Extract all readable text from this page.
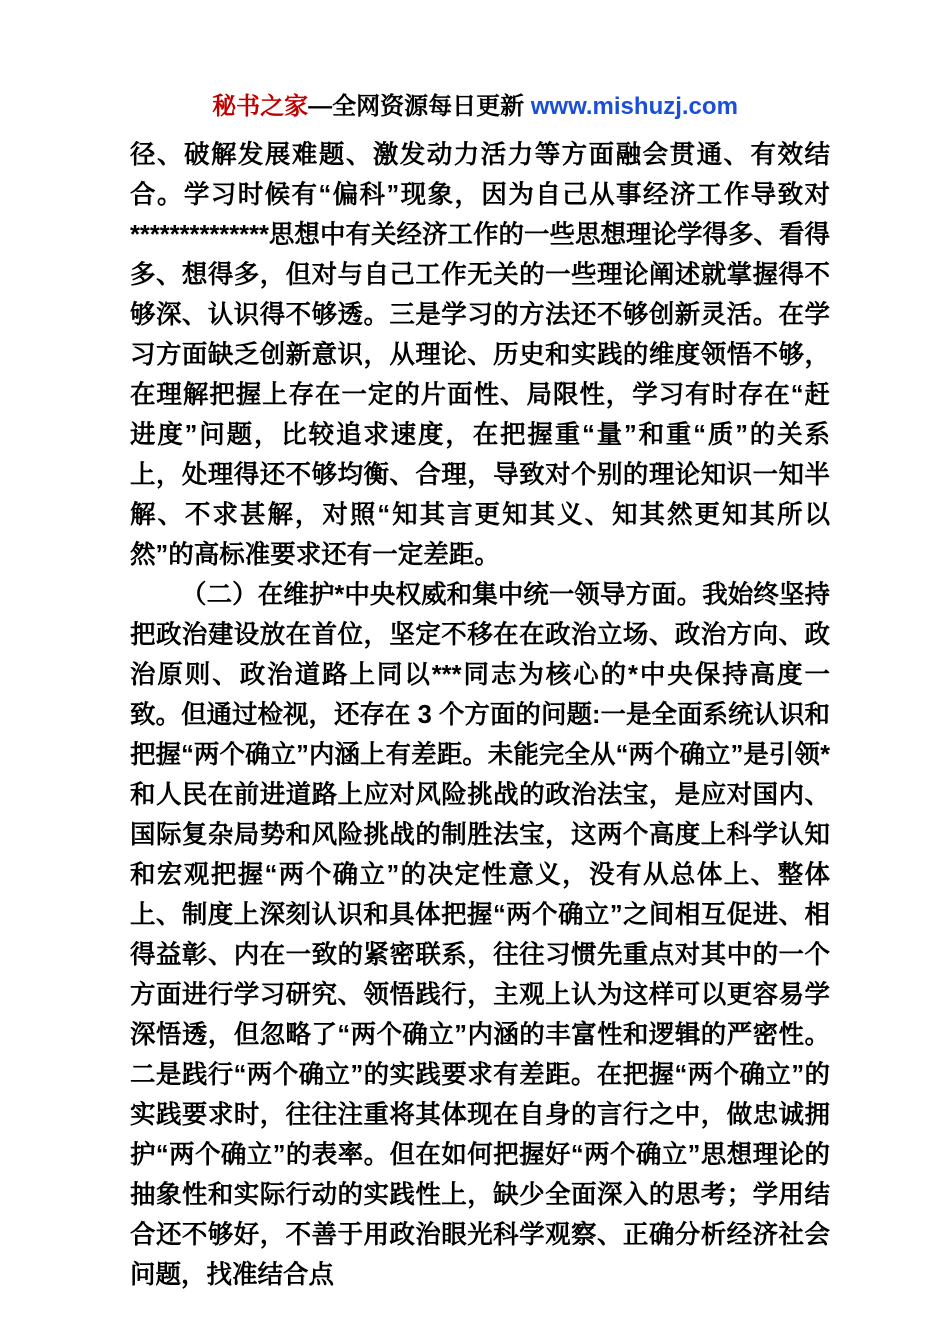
秘书之家—全网资源每日更新 www.mishuzj.com

径、破解发展难题、激发动力活力等方面融会贯通、有效结合。学习时候有“偏科”现象，因为自己从事经济工作导致对**************思想中有关经济工作的一些思想理论学得多、看得多、想得多，但对与自己工作无关的一些理论阐述就掌握得不够深、认识得不够透。三是学习的方法还不够创新灵活。在学习方面缺乏创新意识，从理论、历史和实践的维度领悟不够，在理解把握上存在一定的片面性、局限性，学习有时存在“赶进度”问题，比较追求速度，在把握重“量”和重“质”的关系上，处理得还不够均衡、合理，导致对个别的理论知识一知半解、不求甚解，对照“知其言更知其义、知其然更知其所以然”的高标准要求还有一定差距。

（二）在维护*中央权威和集中统一领导方面。我始终坚持把政治建设放在首位，坚定不移在在政治立场、政治方向、政治原则、政治道路上同以***同志为核心的*中央保持高度一致。但通过检视，还存在 3 个方面的问题:一是全面系统认识和把握“两个确立”内涵上有差距。未能完全从“两个确立”是引领*和人民在前进道路上应对风险挑战的政治法宝，是应对国内、国际复杂局势和风险挑战的制胜法宝，这两个高度上科学认知和宏观把握“两个确立”的决定性意义，没有从总体上、整体上、制度上深刻认识和具体把握“两个确立”之间相互促进、相得益彰、内在一致的紧密联系，往往习惯先重点对其中的一个方面进行学习研究、领悟践行，主观上认为这样可以更容易学深悟透，但忽略了“两个确立”内涵的丰富性和逻辑的严密性。二是践行“两个确立”的实践要求有差距。在把握“两个确立”的实践要求时，往往注重将其体现在自身的言行之中，做忠诚拥护“两个确立”的表率。但在如何把握好“两个确立”思想理论的抽象性和实际行动的实践性上，缺少全面深入的思考；学用结合还不够好，不善于用政治眼光科学观察、正确分析经济社会问题，找准结合点
